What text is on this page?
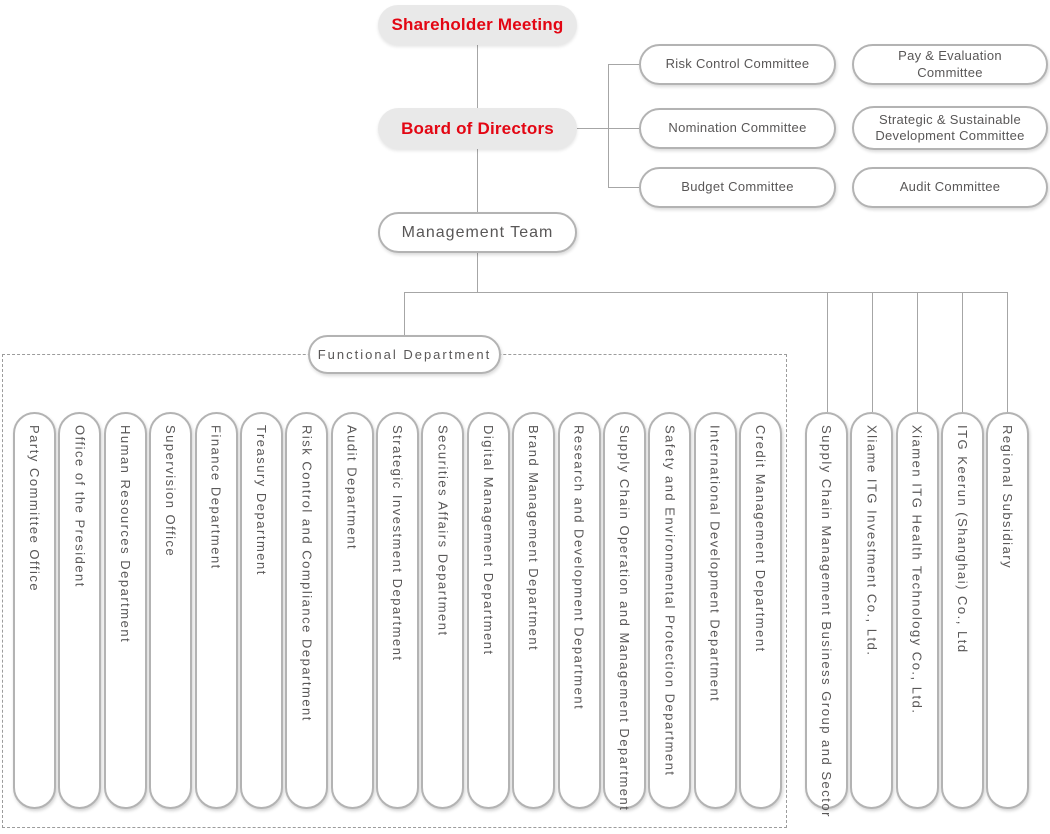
Shareholder Meeting
Board of Directors
Management Team
Risk Control Committee
Pay & Evaluation Committee
Nomination Committee
Strategic & Sustainable Development Committee
Budget Committee	Audit Committee
Functional Department
Party Committee Office Office of the President Human Resources Department Supervision Office Finance Department Treasury Department Risk Control and Compliance Department Audit Department Strategic Investment Department Securities Affairs Department Digital Management Department Brand Management Department Research and Development Department Supply Chain Operation and Management Department Safety and Environmental Protection Department International Development Department Credit Management Department	Supply Chain Management Business Group and Sector Xliame ITG Investment Co., Ltd. Xiamen ITG Health Technology Co., Ltd. ITG Keerun (Shanghai) Co., Ltd Regional Subsidiary
